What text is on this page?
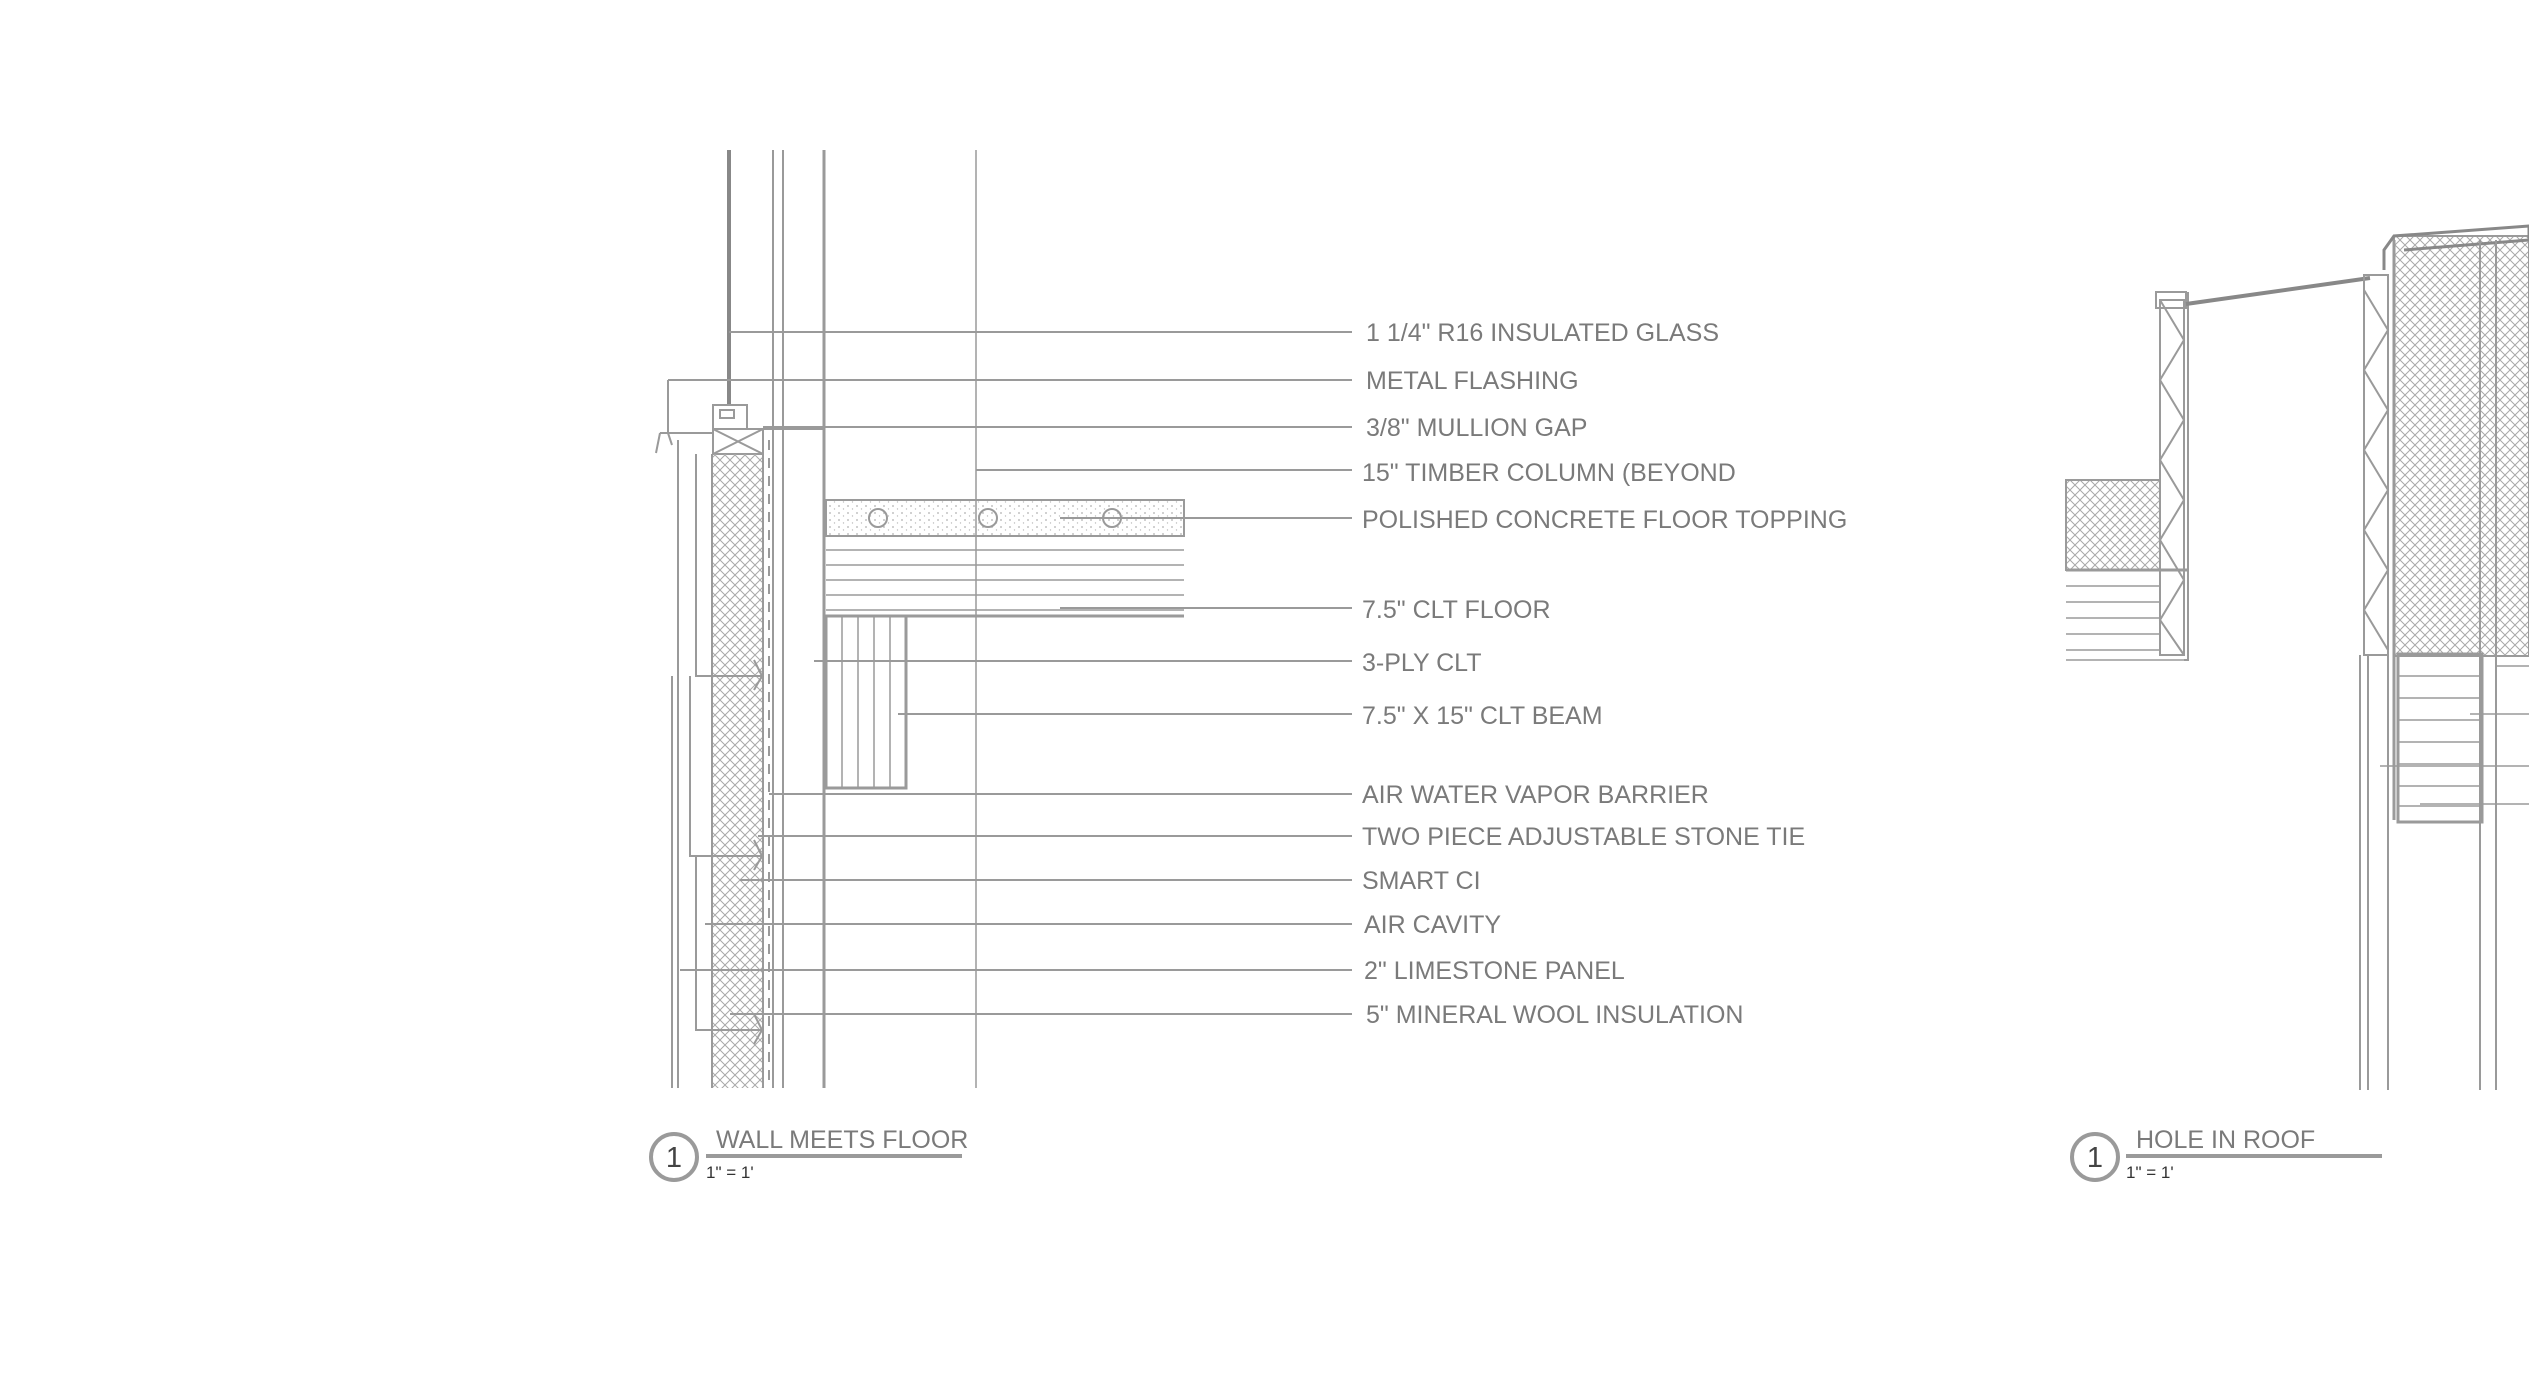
1 1/4" R16 INSULATED GLASS
METAL FLASHING
3/8" MULLION GAP
15" TIMBER COLUMN (BEYOND
POLISHED CONCRETE FLOOR TOPPING
7.5" CLT FLOOR
3-PLY CLT
7.5" X 15" CLT BEAM
AIR WATER VAPOR BARRIER
TWO PIECE ADJUSTABLE STONE TIE
SMART CI
AIR CAVITY
2" LIMESTONE PANEL
5" MINERAL WOOL INSULATION
1
WALL MEETS FLOOR
1" = 1'	1
HOLE IN ROOF
1" = 1'
